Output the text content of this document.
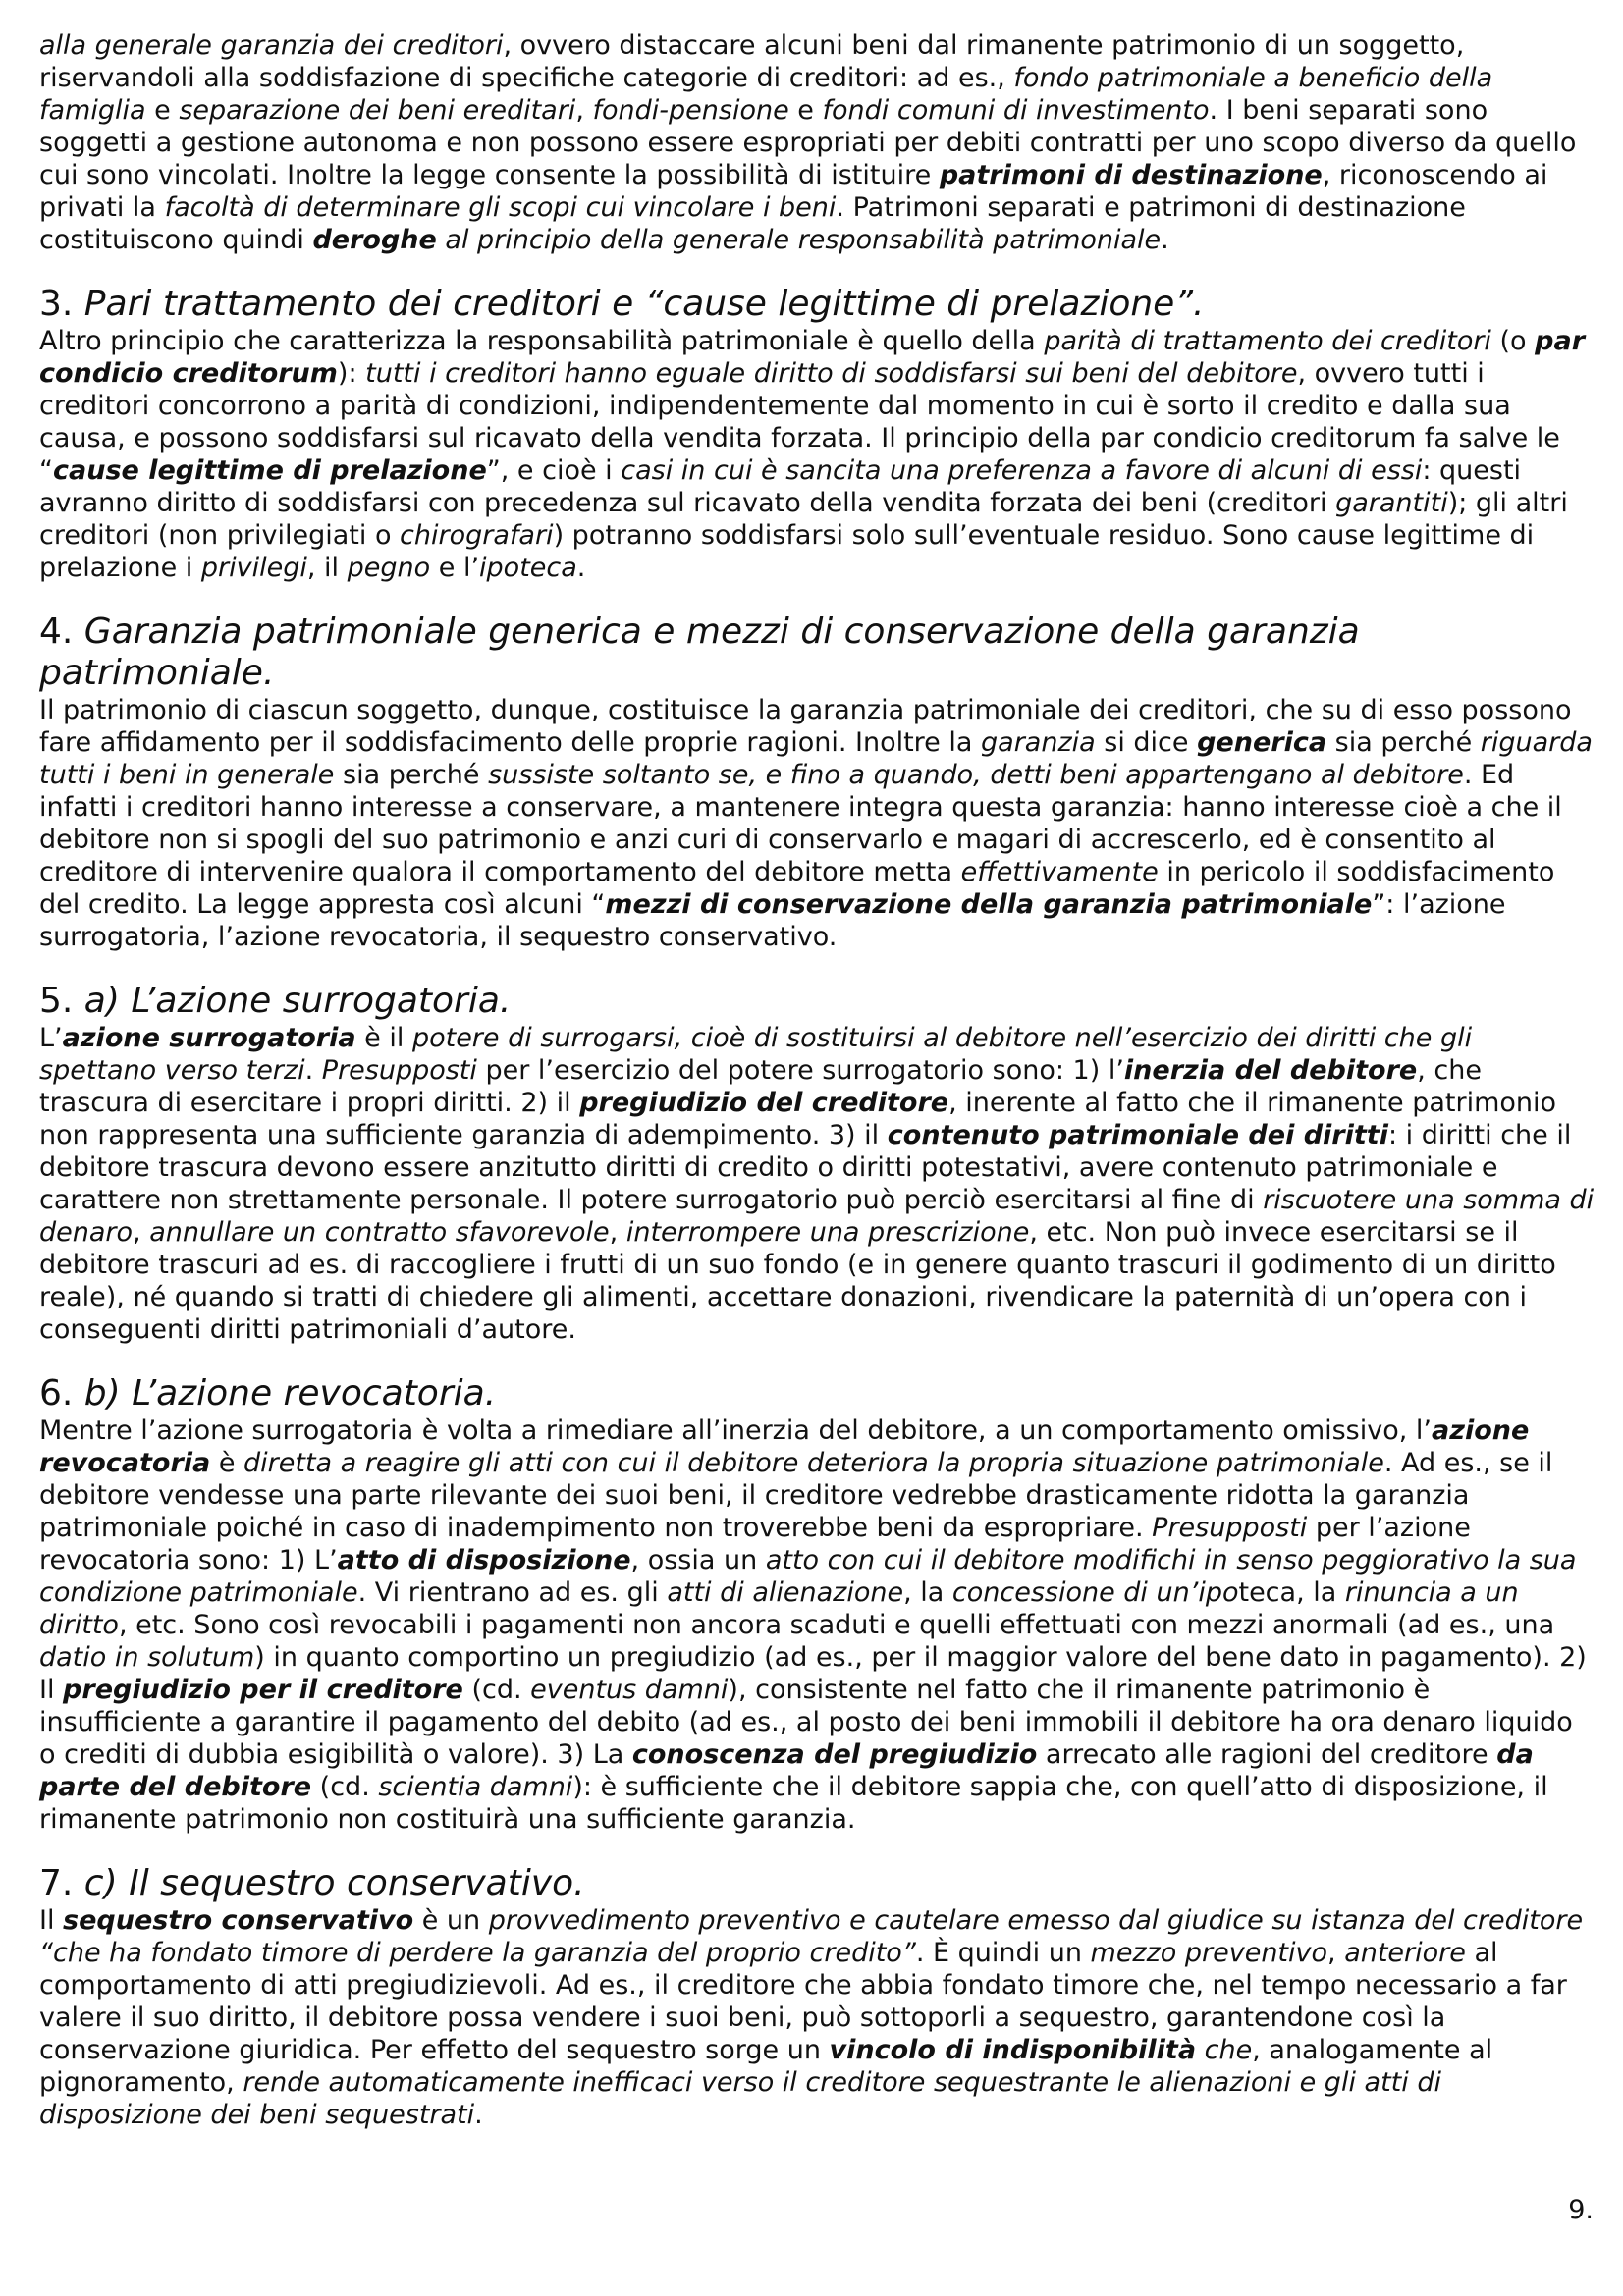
alla generale garanzia dei creditori, ovvero distaccare alcuni beni dal rimanente patrimonio di un soggetto, riservandoli alla soddisfazione di specifiche categorie di creditori: ad es., fondo patrimoniale a beneficio della famiglia e separazione dei beni ereditari, fondi-pensione e fondi comuni di investimento. I beni separati sono soggetti a gestione autonoma e non possono essere espropriati per debiti contratti per uno scopo diverso da quello cui sono vincolati. Inoltre la legge consente la possibilità di istituire patrimoni di destinazione, riconoscendo ai privati la facoltà di determinare gli scopi cui vincolare i beni. Patrimoni separati e patrimoni di destinazione costituiscono quindi deroghe al principio della generale responsabilità patrimoniale.

3. Pari trattamento dei creditori e “cause legittime di prelazione”.

Altro principio che caratterizza la responsabilità patrimoniale è quello della parità di trattamento dei creditori (o par condicio creditorum): tutti i creditori hanno eguale diritto di soddisfarsi sui beni del debitore, ovvero tutti i creditori concorrono a parità di condizioni, indipendentemente dal momento in cui è sorto il credito e dalla sua causa, e possono soddisfarsi sul ricavato della vendita forzata. Il principio della par condicio creditorum fa salve le “cause legittime di prelazione”, e cioè i casi in cui è sancita una preferenza a favore di alcuni di essi: questi avranno diritto di soddisfarsi con precedenza sul ricavato della vendita forzata dei beni (creditori garantiti); gli altri creditori (non privilegiati o chirografari) potranno soddisfarsi solo sull’eventuale residuo. Sono cause legittime di prelazione i privilegi, il pegno e l’ipoteca.

4. Garanzia patrimoniale generica e mezzi di conservazione della garanzia patrimoniale.

Il patrimonio di ciascun soggetto, dunque, costituisce la garanzia patrimoniale dei creditori, che su di esso possono fare affidamento per il soddisfacimento delle proprie ragioni. Inoltre la garanzia si dice generica sia perché riguarda tutti i beni in generale sia perché sussiste soltanto se, e fino a quando, detti beni appartengano al debitore. Ed infatti i creditori hanno interesse a conservare, a mantenere integra questa garanzia: hanno interesse cioè a che il debitore non si spogli del suo patrimonio e anzi curi di conservarlo e magari di accrescerlo, ed è consentito al creditore di intervenire qualora il comportamento del debitore metta effettivamente in pericolo il soddisfacimento del credito. La legge appresta così alcuni “mezzi di conservazione della garanzia patrimoniale”: l’azione surrogatoria, l’azione revocatoria, il sequestro conservativo.

5. a) L’azione surrogatoria.

L’azione surrogatoria è il potere di surrogarsi, cioè di sostituirsi al debitore nell’esercizio dei diritti che gli spettano verso terzi. Presupposti per l’esercizio del potere surrogatorio sono: 1) l’inerzia del debitore, che trascura di esercitare i propri diritti. 2) il pregiudizio del creditore, inerente al fatto che il rimanente patrimonio non rappresenta una sufficiente garanzia di adempimento. 3) il contenuto patrimoniale dei diritti: i diritti che il debitore trascura devono essere anzitutto diritti di credito o diritti potestativi, avere contenuto patrimoniale e carattere non strettamente personale. Il potere surrogatorio può perciò esercitarsi al fine di riscuotere una somma di denaro, annullare un contratto sfavorevole, interrompere una prescrizione, etc. Non può invece esercitarsi se il debitore trascuri ad es. di raccogliere i frutti di un suo fondo (e in genere quanto trascuri il godimento di un diritto reale), né quando si tratti di chiedere gli alimenti, accettare donazioni, rivendicare la paternità di un’opera con i conseguenti diritti patrimoniali d’autore.

6. b) L’azione revocatoria.

Mentre l’azione surrogatoria è volta a rimediare all’inerzia del debitore, a un comportamento omissivo, l’azione revocatoria è diretta a reagire gli atti con cui il debitore deteriora la propria situazione patrimoniale. Ad es., se il debitore vendesse una parte rilevante dei suoi beni, il creditore vedrebbe drasticamente ridotta la garanzia patrimoniale poiché in caso di inadempimento non troverebbe beni da espropriare. Presupposti per l’azione revocatoria sono: 1) L’atto di disposizione, ossia un atto con cui il debitore modifichi in senso peggiorativo la sua condizione patrimoniale. Vi rientrano ad es. gli atti di alienazione, la concessione di un’ipoteca, la rinuncia a un diritto, etc. Sono così revocabili i pagamenti non ancora scaduti e quelli effettuati con mezzi anormali (ad es., una datio in solutum) in quanto comportino un pregiudizio (ad es., per il maggior valore del bene dato in pagamento). 2) Il pregiudizio per il creditore (cd. eventus damni), consistente nel fatto che il rimanente patrimonio è insufficiente a garantire il pagamento del debito (ad es., al posto dei beni immobili il debitore ha ora denaro liquido o crediti di dubbia esigibilità o valore). 3) La conoscenza del pregiudizio arrecato alle ragioni del creditore da parte del debitore (cd. scientia damni): è sufficiente che il debitore sappia che, con quell’atto di disposizione, il rimanente patrimonio non costituirà una sufficiente garanzia.

7. c) Il sequestro conservativo.

Il sequestro conservativo è un provvedimento preventivo e cautelare emesso dal giudice su istanza del creditore “che ha fondato timore di perdere la garanzia del proprio credito”. È quindi un mezzo preventivo, anteriore al comportamento di atti pregiudizievoli. Ad es., il creditore che abbia fondato timore che, nel tempo necessario a far valere il suo diritto, il debitore possa vendere i suoi beni, può sottoporli a sequestro, garantendone così la conservazione giuridica. Per effetto del sequestro sorge un vincolo di indisponibilità che, analogamente al pignoramento, rende automaticamente inefficaci verso il creditore sequestrante le alienazioni e gli atti di disposizione dei beni sequestrati.

9.
